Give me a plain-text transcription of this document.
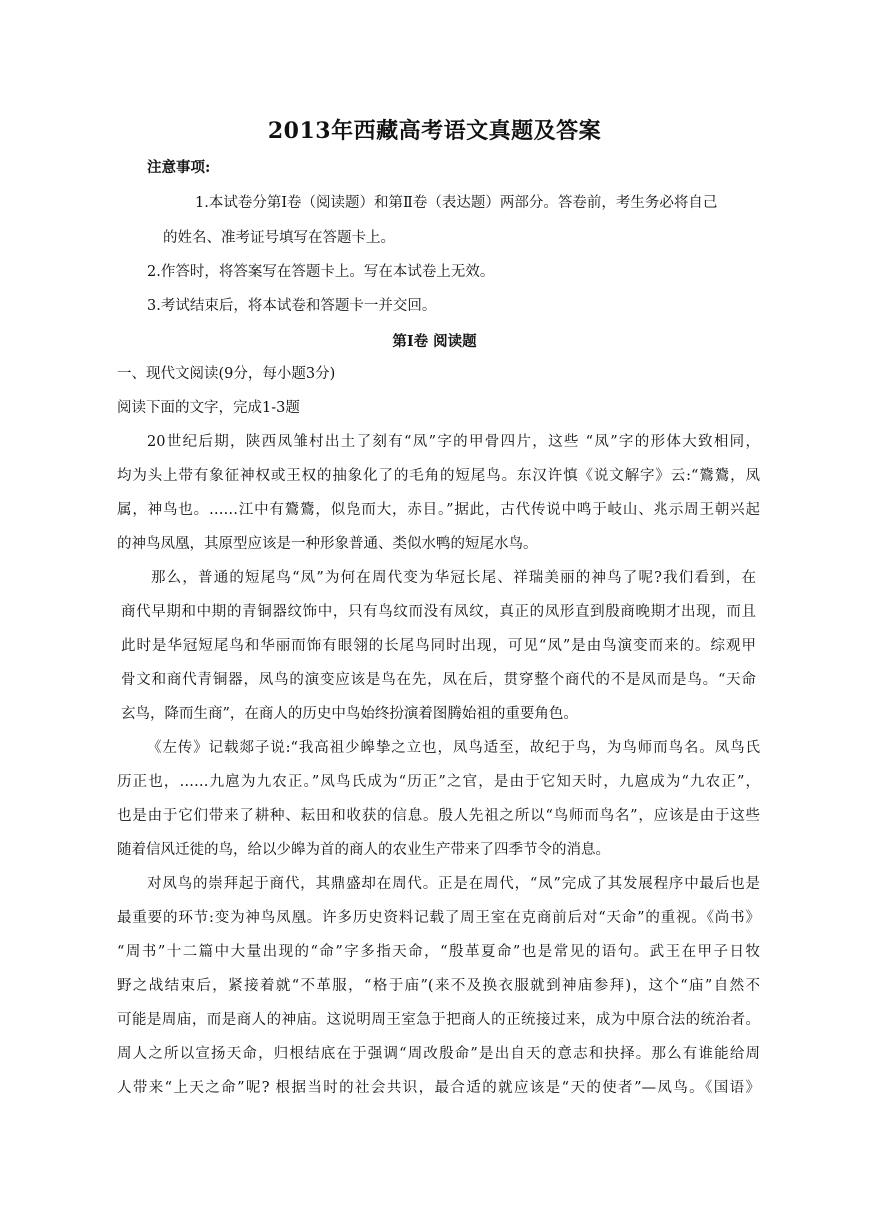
2013年西藏高考语文真题及答案
注意事项:
1.本试卷分第Ⅰ卷（阅读题）和第Ⅱ卷（表达题）两部分。答卷前，考生务必将自己
的姓名、准考证号填写在答题卡上。
2.作答时，将答案写在答题卡上。写在本试卷上无效。
3.考试结束后，将本试卷和答题卡一并交回。
第Ⅰ卷 阅读题
一、现代文阅读(9分，每小题3分)
阅读下面的文字，完成1-3题
20世纪后期，陕西凤雏村出土了刻有“凤”字的甲骨四片，这些 “凤”字的形体大致相同，
均为头上带有象征神权或王权的抽象化了的毛角的短尾鸟。东汉许慎《说文解字》云:“鷟鷟，凤
属，神鸟也。……江中有鷟鷟，似凫而大，赤目。”据此，古代传说中鸣于岐山、兆示周王朝兴起
的神鸟凤凰，其原型应该是一种形象普通、类似水鸭的短尾水鸟。
那么，普通的短尾鸟“凤”为何在周代变为华冠长尾、祥瑞美丽的神鸟了呢?我们看到，在
商代早期和中期的青铜器纹饰中，只有鸟纹而没有凤纹，真正的凤形直到殷商晚期才出现，而且
此时是华冠短尾鸟和华丽而饰有眼翎的长尾鸟同时出现，可见“凤”是由鸟演变而来的。综观甲
骨文和商代青铜器，凤鸟的演变应该是鸟在先，凤在后，贯穿整个商代的不是凤而是鸟。“天命
玄鸟，降而生商”，在商人的历史中鸟始终扮演着图腾始祖的重要角色。
《左传》记载郯子说:“我高祖少皞挚之立也，凤鸟适至，故纪于鸟，为鸟师而鸟名。凤鸟氏
历正也，……九扈为九农正。”凤鸟氏成为“历正”之官，是由于它知天时，九扈成为“九农正”，
也是由于它们带来了耕种、耘田和收获的信息。殷人先祖之所以“鸟师而鸟名”，应该是由于这些
随着信风迁徙的鸟，给以少皞为首的商人的农业生产带来了四季节令的消息。
对凤鸟的崇拜起于商代，其鼎盛却在周代。正是在周代，“凤”完成了其发展程序中最后也是
最重要的环节:变为神鸟凤凰。许多历史资料记载了周王室在克商前后对“天命”的重视。《尚书》
“周书”十二篇中大量出现的“命”字多指天命，“殷革夏命”也是常见的语句。武王在甲子日牧
野之战结束后，紧接着就“不革服，“格于庙”(来不及换衣服就到神庙参拜)，这个“庙”自然不
可能是周庙，而是商人的神庙。这说明周王室急于把商人的正统接过来，成为中原合法的统治者。
周人之所以宣扬天命，归根结底在于强调“周改殷命”是出自天的意志和抉择。那么有谁能给周
人带来“上天之命”呢? 根据当时的社会共识，最合适的就应该是“天的使者”—凤鸟。《国语》
